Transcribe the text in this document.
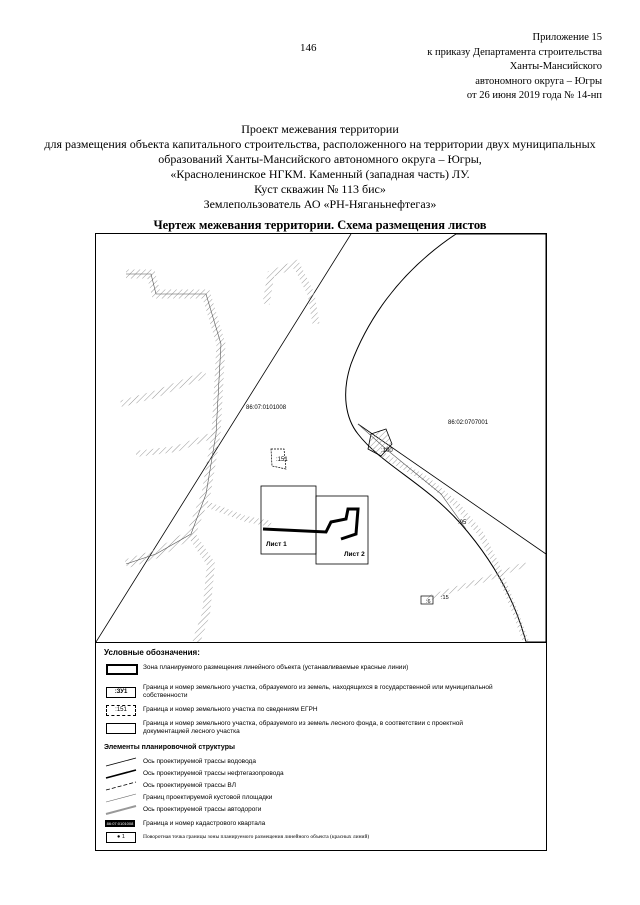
146
Приложение 15
к приказу Департамента строительства
Ханты-Мансийского
автономного округа – Югры
от 26 июня 2019 года № 14-нп
Проект межевания территории
для размещения объекта капитального строительства, расположенного на территории двух муниципальных
образований Ханты-Мансийского автономного округа – Югры,
«Красноленинское НГКМ. Каменный (западная часть) ЛУ.
Куст скважин № 113 бис»
Землепользователь АО «РН-Няганьнефтегаз»
Чертеж межевания территории. Схема размещения листов
86:07:0101008
86:02:0707001
:151
:100
:95
:6
:15
Лист 1
Лист 2
Условные обозначения:
Зона планируемого размещения линейного объекта (устанавливаемые красные линии)
:ЗУ1
Граница и номер земельного участка, образуемого из земель, находящихся в государственной или муниципальной собственности
:151	Граница и номер земельного участка по сведениям ЕГРН
Граница и номер земельного участка, образуемого из земель лесного фонда, в соответствии с проектной документацией лесного участка
Элементы планировочной структуры
Ось проектируемой трассы водовода
Ось проектируемой трассы нефтегазопровода
Ось проектируемой трассы ВЛ
Границ проектируемой кустовой площадки
Ось проектируемой трассы автодороги
86:07:0101008 Граница и номер кадастрового квартала
● 1	Поворотная точка границы зоны планируемого размещения линейного объекта (красных линий)
